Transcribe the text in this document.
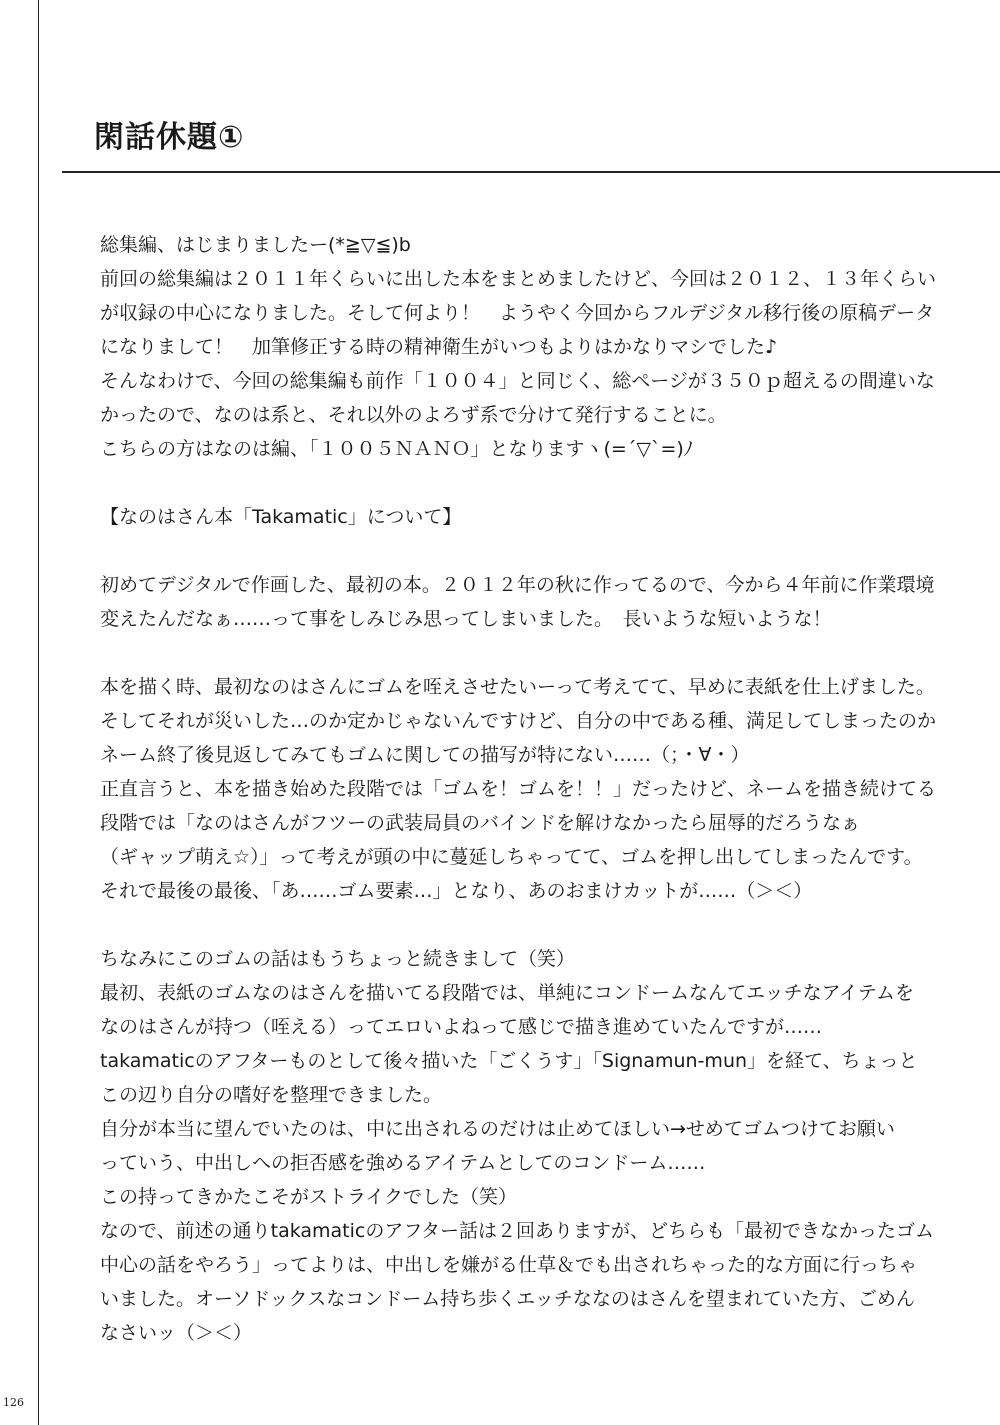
閑話休題①
総集編、はじまりましたー(*≧▽≦)b
前回の総集編は２０１１年くらいに出した本をまとめましたけど、今回は２０１２、１３年くらい
が収録の中心になりました。そして何より！　ようやく今回からフルデジタル移行後の原稿データ
になりまして！　加筆修正する時の精神衛生がいつもよりはかなりマシでした♪
そんなわけで、今回の総集編も前作「１００４」と同じく、総ページが３５０ｐ超えるの間違いな
かったので、なのは系と、それ以外のよろず系で分けて発行することに。
こちらの方はなのは編、「１００５ＮＡＮＯ」となりますヽ(=´▽`=)ﾉ
【なのはさん本「Takamatic」について】
初めてデジタルで作画した、最初の本。２０１２年の秋に作ってるので、今から４年前に作業環境
変えたんだなぁ……って事をしみじみ思ってしまいました。　長いような短いような！
本を描く時、最初なのはさんにゴムを咥えさせたいーって考えてて、早めに表紙を仕上げました。
そしてそれが災いした…のか定かじゃないんですけど、自分の中である種、満足してしまったのか
ネーム終了後見返してみてもゴムに関しての描写が特にない……（；・∀・）
正直言うと、本を描き始めた段階では「ゴムを！ゴムを！！」だったけど、ネームを描き続けてる
段階では「なのはさんがフツーの武装局員のバインドを解けなかったら屈辱的だろうなぁ
（ギャップ萌え☆）」って考えが頭の中に蔓延しちゃってて、ゴムを押し出してしまったんです。
それで最後の最後、「あ……ゴム要素…」となり、あのおまけカットが……（＞＜）
ちなみにこのゴムの話はもうちょっと続きまして（笑）
最初、表紙のゴムなのはさんを描いてる段階では、単純にコンドームなんてエッチなアイテムを
なのはさんが持つ（咥える）ってエロいよねって感じで描き進めていたんですが……
takamaticのアフターものとして後々描いた「ごくうす」「Signamun-mun」を経て、ちょっと
この辺り自分の嗜好を整理できました。
自分が本当に望んでいたのは、中に出されるのだけは止めてほしい→せめてゴムつけてお願い
っていう、中出しへの拒否感を強めるアイテムとしてのコンドーム……
この持ってきかたこそがストライクでした（笑）
なので、前述の通りtakamaticのアフター話は２回ありますが、どちらも「最初できなかったゴム
中心の話をやろう」ってよりは、中出しを嫌がる仕草＆でも出されちゃった的な方面に行っちゃ
いました。オーソドックスなコンドーム持ち歩くエッチななのはさんを望まれていた方、ごめん
なさいッ（＞＜）
126
